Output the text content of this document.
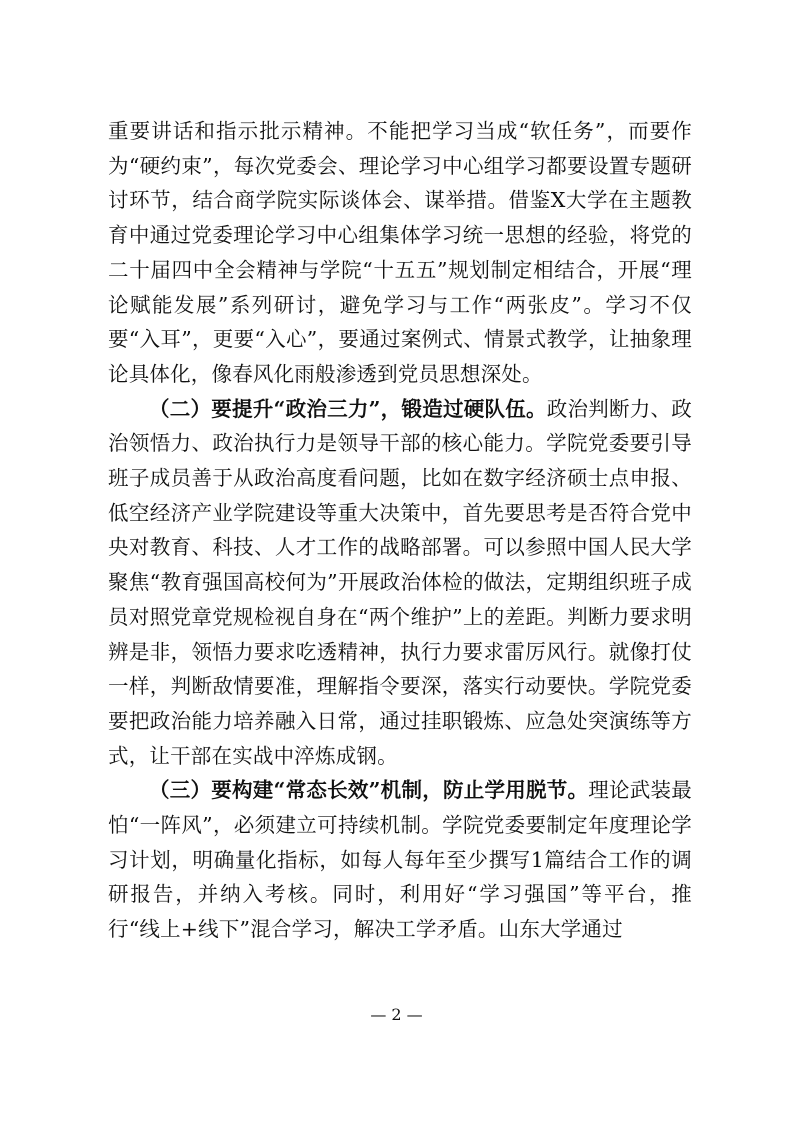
重要讲话和指示批示精神。不能把学习当成“软任务”，而要作为“硬约束”，每次党委会、理论学习中心组学习都要设置专题研讨环节，结合商学院实际谈体会、谋举措。借鉴X大学在主题教育中通过党委理论学习中心组集体学习统一思想的经验，将党的二十届四中全会精神与学院“十五五”规划制定相结合，开展“理论赋能发展”系列研讨，避免学习与工作“两张皮”。学习不仅要“入耳”，更要“入心”，要通过案例式、情景式教学，让抽象理论具体化，像春风化雨般渗透到党员思想深处。

（二）要提升“政治三力”，锻造过硬队伍。政治判断力、政治领悟力、政治执行力是领导干部的核心能力。学院党委要引导班子成员善于从政治高度看问题，比如在数字经济硕士点申报、低空经济产业学院建设等重大决策中，首先要思考是否符合党中央对教育、科技、人才工作的战略部署。可以参照中国人民大学聚焦“教育强国高校何为”开展政治体检的做法，定期组织班子成员对照党章党规检视自身在“两个维护”上的差距。判断力要求明辨是非，领悟力要求吃透精神，执行力要求雷厉风行。就像打仗一样，判断敌情要准，理解指令要深，落实行动要快。学院党委要把政治能力培养融入日常，通过挂职锻炼、应急处突演练等方式，让干部在实战中淬炼成钢。

（三）要构建“常态长效”机制，防止学用脱节。理论武装最怕“一阵风”，必须建立可持续机制。学院党委要制定年度理论学习计划，明确量化指标，如每人每年至少撰写1篇结合工作的调研报告，并纳入考核。同时，利用好“学习强国”等平台，推行“线上+线下”混合学习，解决工学矛盾。山东大学通过

— 2 —
